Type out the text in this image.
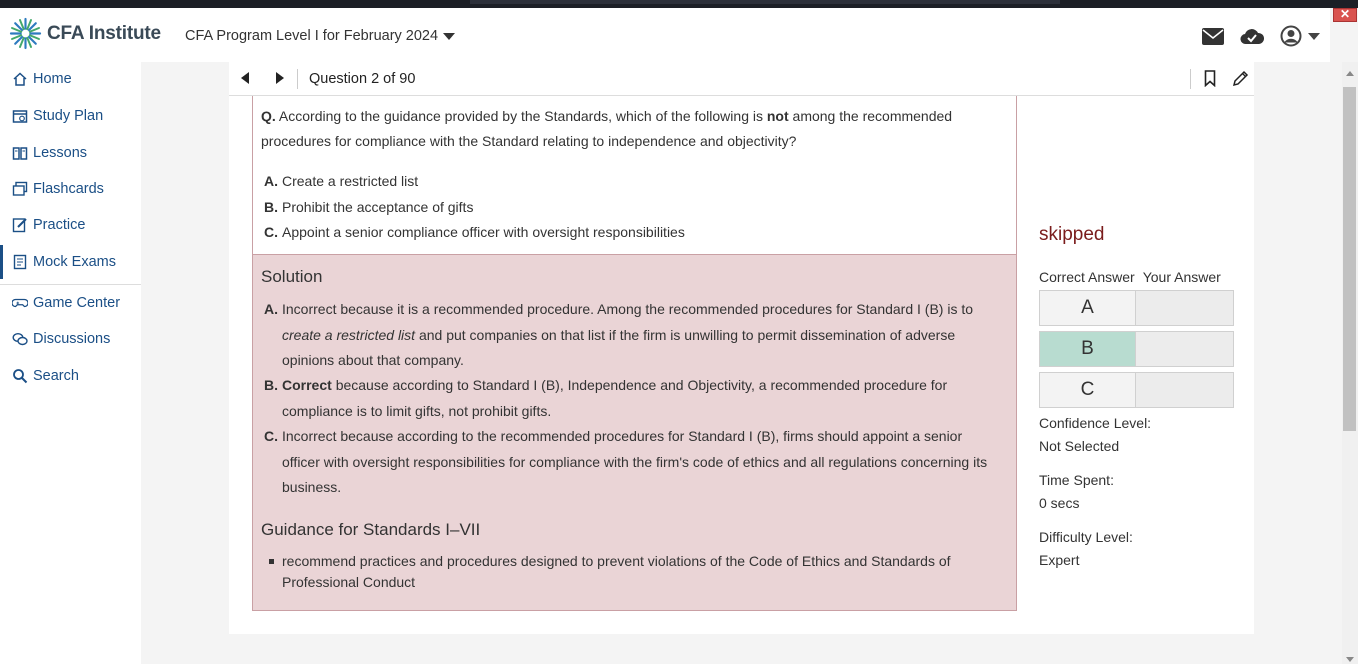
CFA Institute CFA Program Level I for February 2024
✕
Home
Study Plan
Lessons
Flashcards
Practice
Mock Exams
Game Center
Discussions
Search
Question 2 of 90
Q. According to the guidance provided by the Standards, which of the following is not among the recommended procedures for compliance with the Standard relating to independence and objectivity?
A. Create a restricted list
B. Prohibit the acceptance of gifts
C. Appoint a senior compliance officer with oversight responsibilities
Solution
A. Incorrect because it is a recommended procedure. Among the recommended procedures for Standard I (B) is to create a restricted list and put companies on that list if the firm is unwilling to permit dissemination of adverse opinions about that company.
B. Correct because according to Standard I (B), Independence and Objectivity, a recommended procedure for compliance is to limit gifts, not prohibit gifts.
C. Incorrect because according to the recommended procedures for Standard I (B), firms should appoint a senior officer with oversight responsibilities for compliance with the firm's code of ethics and all regulations concerning its business.
Guidance for Standards I–VII
recommend practices and procedures designed to prevent violations of the Code of Ethics and Standards of Professional Conduct
skipped
Correct Answer Your Answer
A
B
C
Confidence Level:
Not Selected
Time Spent:
0 secs
Difficulty Level:
Expert
